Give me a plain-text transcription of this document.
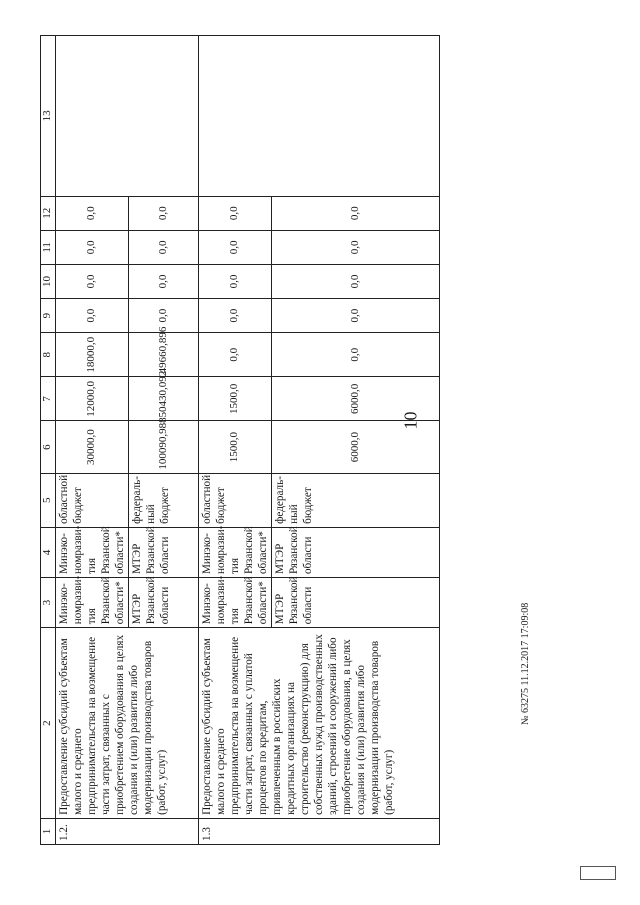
10
1	2	3	4	5	6	7	8	9	10	11	12	13
1.2.	Предоставление субсидий субъектам малого и среднего предпринимательства на возмещение части затрат, связанных с приобретением оборудования в целях создания и (или) развития либо модернизации производства товаров (работ, услуг)	Минэко-номразви-тия Рязанской области*	Минэко-номразви-тия Рязанской области*	областной бюджет	30000,0	12000,0	18000,0	0,0	0,0	0,0	0,0	
		МТЭР Рязанской области	МТЭР Рязанской области	федераль-ный бюджет	100090,988	50430,092	49660,896	0,0	0,0	0,0	0,0	
1.3	Предоставление субсидий субъектам малого и среднего предпринимательства на возмещение части затрат, связанных с уплатой процентов по кредитам, привлеченным в российских кредитных организациях на строительство (реконструкцию) для собственных нужд производственных зданий, строений и сооружений либо приобретение оборудования, в целях создания и (или) развития либо модернизации производства товаров (работ, услуг)	Минэко-номразви-тия Рязанской области*	Минэко-номразви-тия Рязанской области*	областной бюджет	1500,0	1500,0	0,0	0,0	0,0	0,0	0,0	
		МТЭР Рязанской области	МТЭР Рязанской области	федераль-ный бюджет	6000,0	6000,0	0,0	0,0	0,0	0,0	0,0	
№ 63275 11.12.2017 17:09:08
